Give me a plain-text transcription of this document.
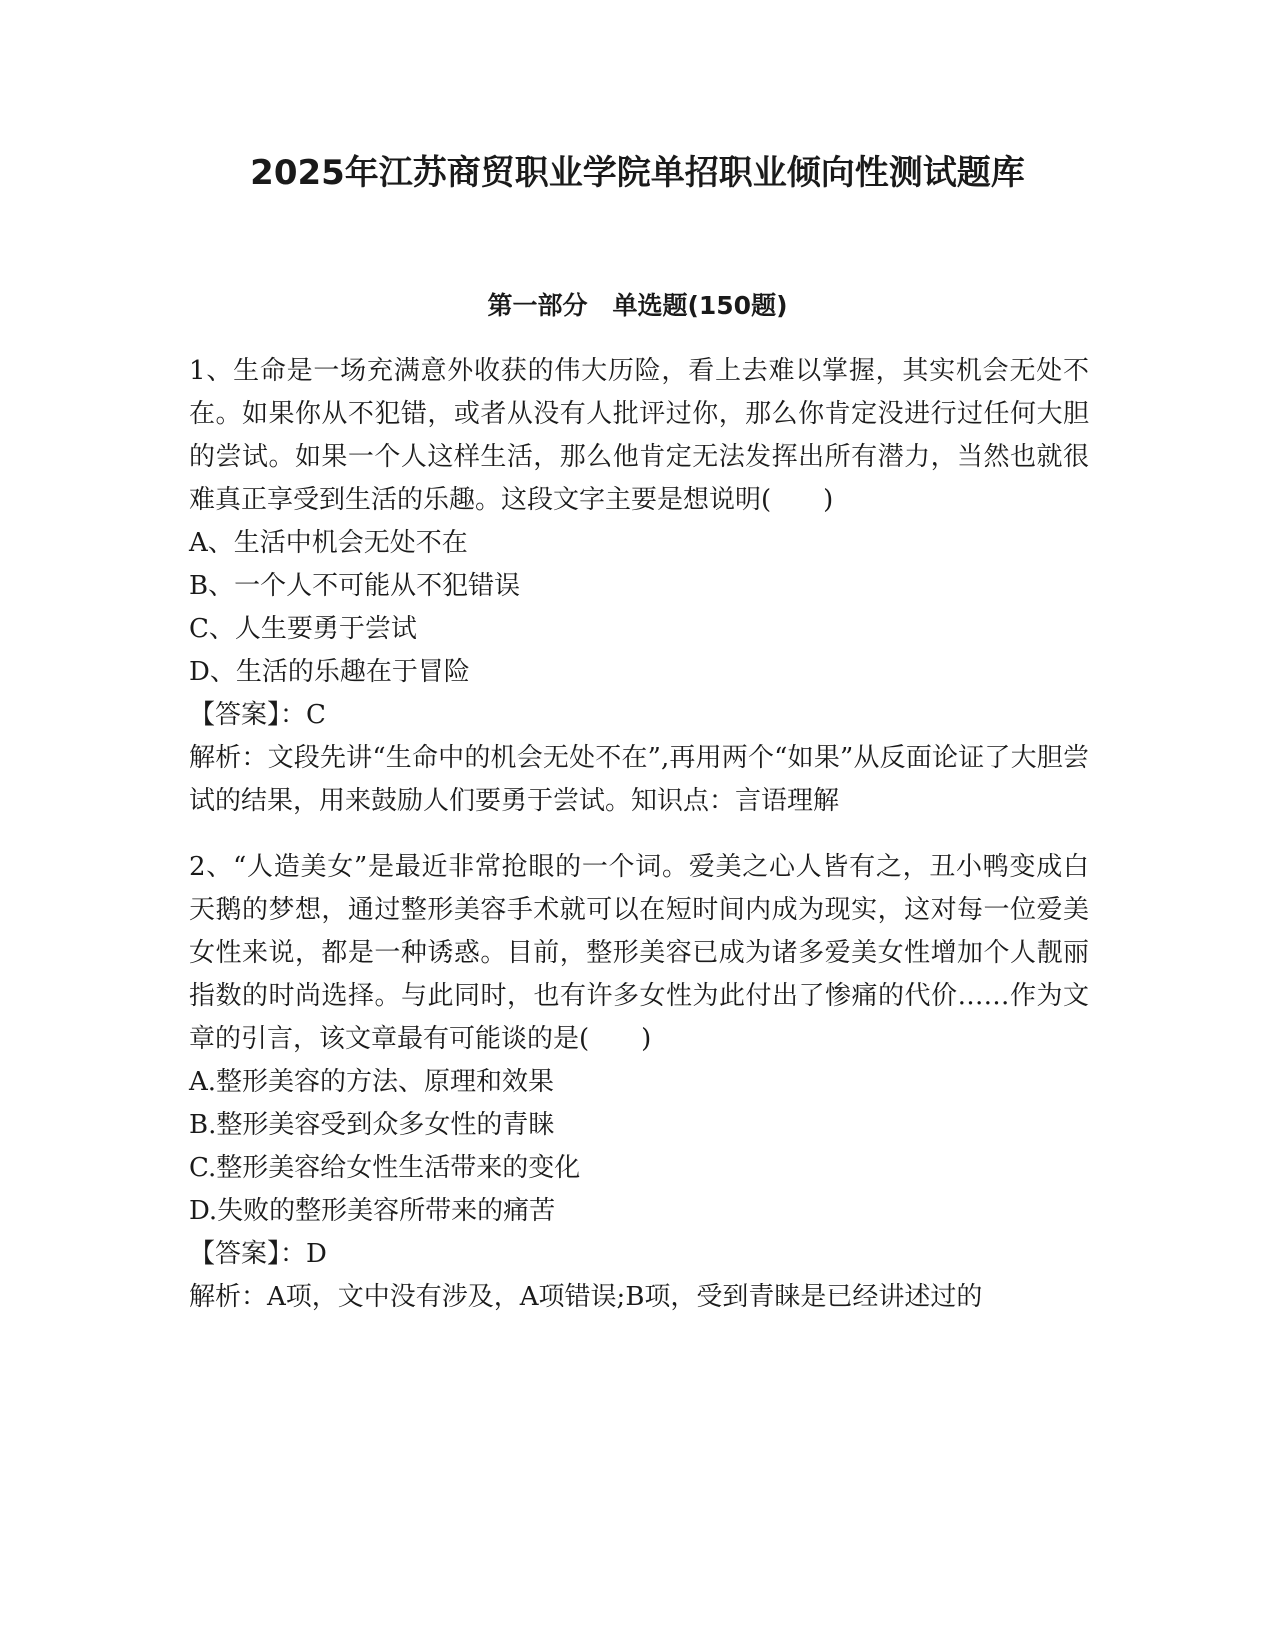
2025年江苏商贸职业学院单招职业倾向性测试题库
第一部分　单选题(150题)

1、生命是一场充满意外收获的伟大历险，看上去难以掌握，其实机会无处不在。如果你从不犯错，或者从没有人批评过你，那么你肯定没进行过任何大胆的尝试。如果一个人这样生活，那么他肯定无法发挥出所有潜力，当然也就很难真正享受到生活的乐趣。这段文字主要是想说明(　　)

A、生活中机会无处不在

B、一个人不可能从不犯错误

C、人生要勇于尝试

D、生活的乐趣在于冒险

【答案】：C

解析：文段先讲“生命中的机会无处不在”,再用两个“如果”从反面论证了大胆尝试的结果，用来鼓励人们要勇于尝试。知识点：言语理解

2、“人造美女”是最近非常抢眼的一个词。爱美之心人皆有之，丑小鸭变成白天鹅的梦想，通过整形美容手术就可以在短时间内成为现实，这对每一位爱美女性来说，都是一种诱惑。目前，整形美容已成为诸多爱美女性增加个人靓丽指数的时尚选择。与此同时，也有许多女性为此付出了惨痛的代价……作为文章的引言，该文章最有可能谈的是(　　)

A.整形美容的方法、原理和效果

B.整形美容受到众多女性的青睐

C.整形美容给女性生活带来的变化

D.失败的整形美容所带来的痛苦

【答案】：D

解析：A项，文中没有涉及，A项错误;B项，受到青睐是已经讲述过的
